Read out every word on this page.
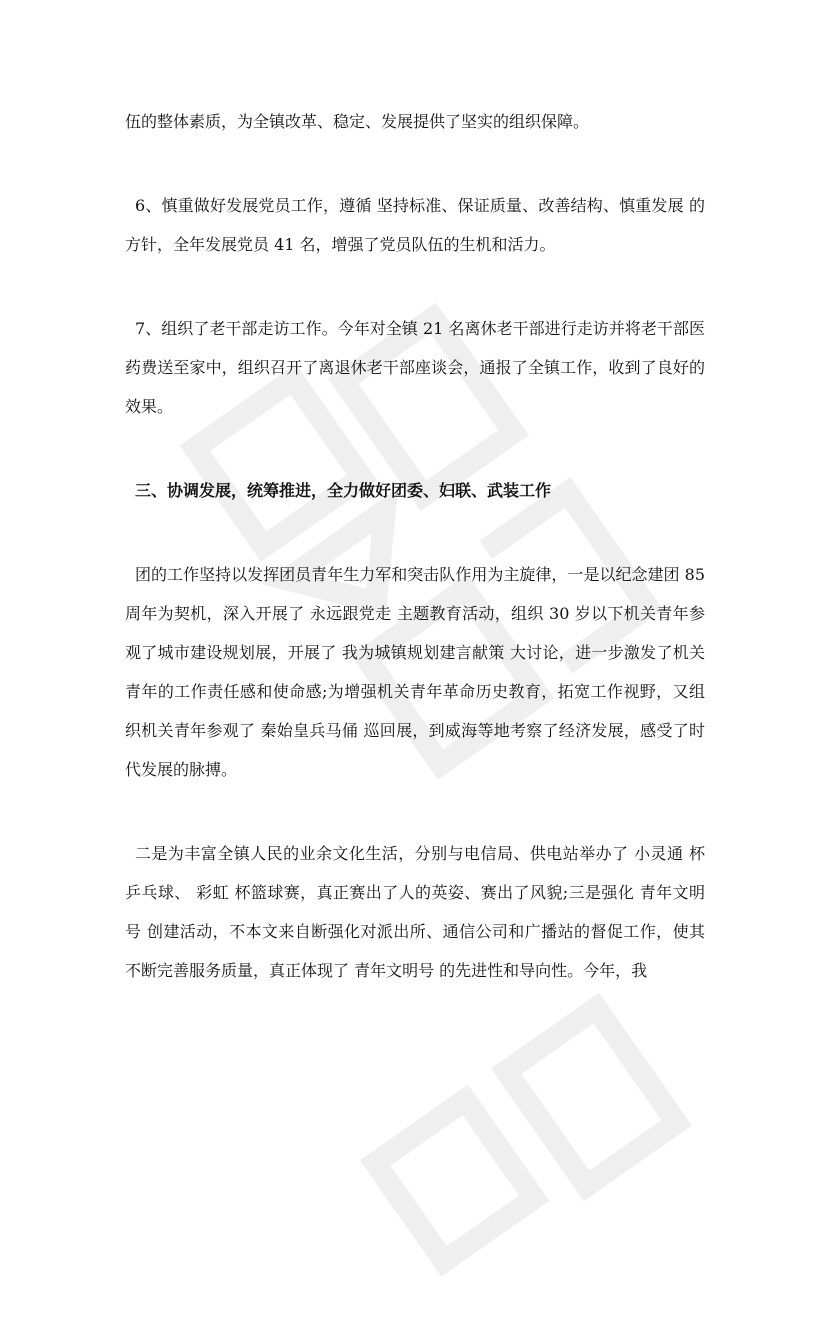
伍的整体素质，为全镇改革、稳定、发展提供了坚实的组织保障。

6、慎重做好发展党员工作，遵循 坚持标准、保证质量、改善结构、慎重发展 的方针，全年发展党员 41 名，增强了党员队伍的生机和活力。

7、组织了老干部走访工作。今年对全镇 21 名离休老干部进行走访并将老干部医药费送至家中，组织召开了离退休老干部座谈会，通报了全镇工作，收到了良好的效果。

三、协调发展，统筹推进，全力做好团委、妇联、武装工作

团的工作坚持以发挥团员青年生力军和突击队作用为主旋律，一是以纪念建团 85 周年为契机，深入开展了 永远跟党走 主题教育活动，组织 30 岁以下机关青年参观了城市建设规划展，开展了 我为城镇规划建言献策 大讨论，进一步激发了机关青年的工作责任感和使命感;为增强机关青年革命历史教育，拓宽工作视野，又组织机关青年参观了 秦始皇兵马俑 巡回展，到威海等地考察了经济发展，感受了时代发展的脉搏。

二是为丰富全镇人民的业余文化生活，分别与电信局、供电站举办了 小灵通 杯乒乓球、 彩虹 杯篮球赛，真正赛出了人的英姿、赛出了风貌;三是强化 青年文明号 创建活动，不本文来自断强化对派出所、通信公司和广播站的督促工作，使其不断完善服务质量，真正体现了 青年文明号 的先进性和导向性。今年，我
